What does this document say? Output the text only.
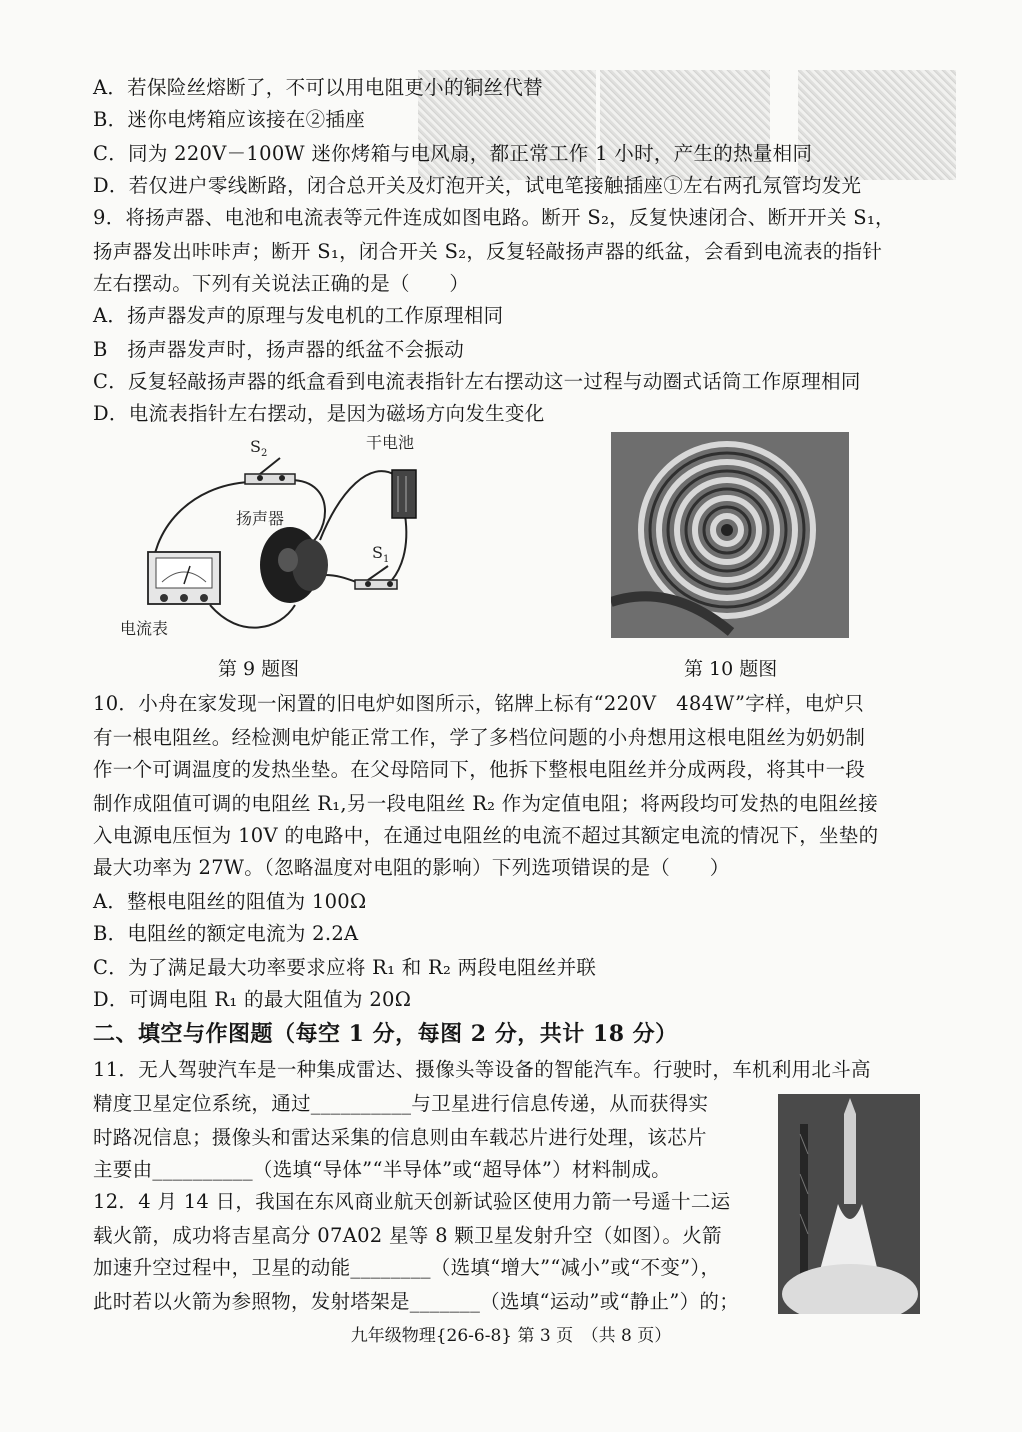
A．若保险丝熔断了，不可以用电阻更小的铜丝代替
B．迷你电烤箱应该接在②插座
C．同为 220V－100W 迷你烤箱与电风扇，都正常工作 1 小时，产生的热量相同
D．若仅进户零线断路，闭合总开关及灯泡开关，试电笔接触插座①左右两孔氖管均发光
9．将扬声器、电池和电流表等元件连成如图电路。断开 S₂，反复快速闭合、断开开关 S₁，
扬声器发出咔咔声；断开 S₁，闭合开关 S₂，反复轻敲扬声器的纸盆，会看到电流表的指针
左右摆动。下列有关说法正确的是（　　）
A．扬声器发声的原理与发电机的工作原理相同
B　扬声器发声时，扬声器的纸盆不会振动
C．反复轻敲扬声器的纸盒看到电流表指针左右摆动这一过程与动圈式话筒工作原理相同
D．电流表指针左右摆动，是因为磁场方向发生变化
$S_2$
干电池
扬声器
$S_1$
电流表
第 9 题图	第 10 题图
10．小舟在家发现一闲置的旧电炉如图所示，铭牌上标有“220V　484W”字样，电炉只
有一根电阻丝。经检测电炉能正常工作，学了多档位问题的小舟想用这根电阻丝为奶奶制
作一个可调温度的发热坐垫。在父母陪同下，他拆下整根电阻丝并分成两段，将其中一段
制作成阻值可调的电阻丝 R₁,另一段电阻丝 R₂ 作为定值电阻；将两段均可发热的电阻丝接
入电源电压恒为 10V 的电路中，在通过电阻丝的电流不超过其额定电流的情况下，坐垫的
最大功率为 27W。（忽略温度对电阻的影响）下列选项错误的是（　　）
A．整根电阻丝的阻值为 100Ω
B．电阻丝的额定电流为 2.2A
C．为了满足最大功率要求应将 R₁ 和 R₂ 两段电阻丝并联
D．可调电阻 R₁ 的最大阻值为 20Ω
二、填空与作图题（每空 1 分，每图 2 分，共计 18 分）
11．无人驾驶汽车是一种集成雷达、摄像头等设备的智能汽车。行驶时，车机利用北斗高
精度卫星定位系统，通过__________与卫星进行信息传递，从而获得实
时路况信息；摄像头和雷达采集的信息则由车载芯片进行处理，该芯片
主要由__________（选填“导体”“半导体”或“超导体”）材料制成。
12．4 月 14 日，我国在东风商业航天创新试验区使用力箭一号遥十二运
载火箭，成功将吉星高分 07A02 星等 8 颗卫星发射升空（如图）。火箭
加速升空过程中，卫星的动能________（选填“增大”“减小”或“不变”），
此时若以火箭为参照物，发射塔架是_______（选填“运动”或“静止”）的；
九年级物理{26-6-8} 第 3 页　（共 8 页）
